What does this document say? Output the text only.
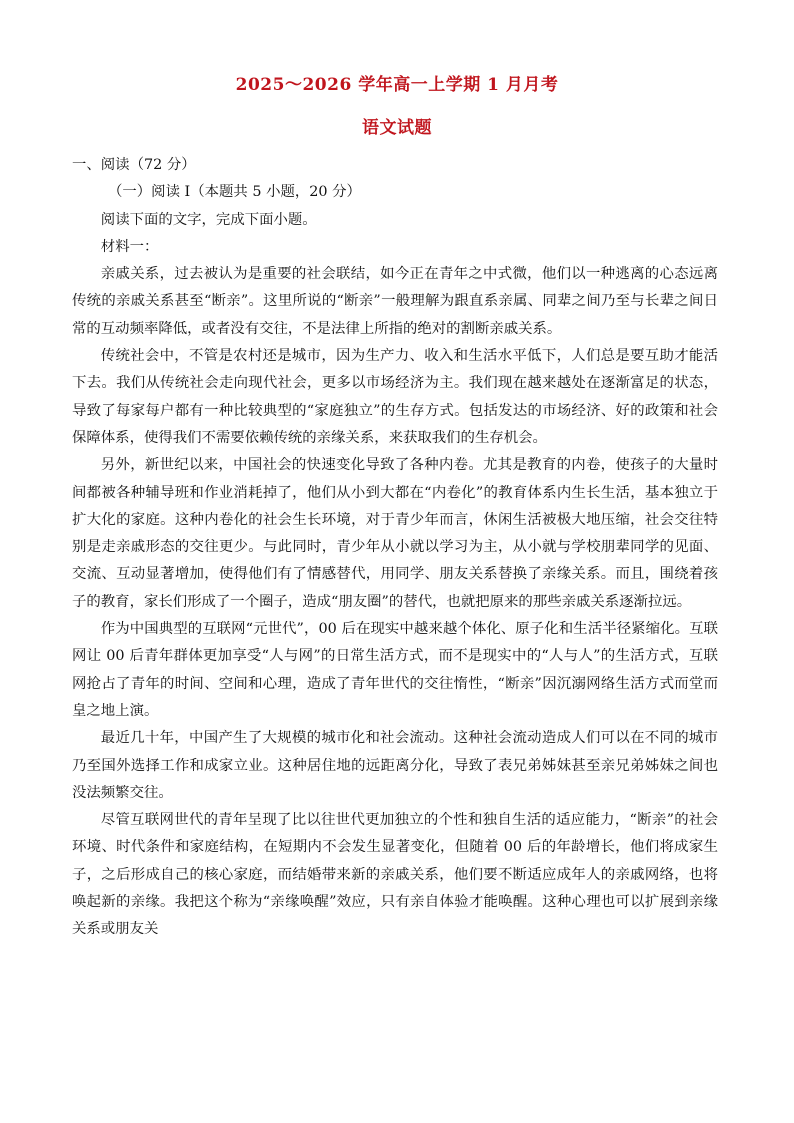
2025～2026 学年高一上学期 1 月月考
语文试题

一、阅读（72 分）

（一）阅读 I（本题共 5 小题，20 分）

阅读下面的文字，完成下面小题。

材料一：

亲戚关系，过去被认为是重要的社会联结，如今正在青年之中式微，他们以一种逃离的心态远离传统的亲戚关系甚至“断亲”。这里所说的“断亲”一般理解为跟直系亲属、同辈之间乃至与长辈之间日常的互动频率降低，或者没有交往，不是法律上所指的绝对的割断亲戚关系。

传统社会中，不管是农村还是城市，因为生产力、收入和生活水平低下，人们总是要互助才能活下去。我们从传统社会走向现代社会，更多以市场经济为主。我们现在越来越处在逐渐富足的状态，导致了每家每户都有一种比较典型的“家庭独立”的生存方式。包括发达的市场经济、好的政策和社会保障体系，使得我们不需要依赖传统的亲缘关系，来获取我们的生存机会。

另外，新世纪以来，中国社会的快速变化导致了各种内卷。尤其是教育的内卷，使孩子的大量时间都被各种辅导班和作业消耗掉了，他们从小到大都在“内卷化”的教育体系内生长生活，基本独立于扩大化的家庭。这种内卷化的社会生长环境，对于青少年而言，休闲生活被极大地压缩，社会交往特别是走亲戚形态的交往更少。与此同时，青少年从小就以学习为主，从小就与学校朋辈同学的见面、交流、互动显著增加，使得他们有了情感替代，用同学、朋友关系替换了亲缘关系。而且，围绕着孩子的教育，家长们形成了一个圈子，造成“朋友圈”的替代，也就把原来的那些亲戚关系逐渐拉远。

作为中国典型的互联网“元世代”，00 后在现实中越来越个体化、原子化和生活半径紧缩化。互联网让 00 后青年群体更加享受“人与网”的日常生活方式，而不是现实中的“人与人”的生活方式，互联网抢占了青年的时间、空间和心理，造成了青年世代的交往惰性，“断亲”因沉溺网络生活方式而堂而皇之地上演。

最近几十年，中国产生了大规模的城市化和社会流动。这种社会流动造成人们可以在不同的城市乃至国外选择工作和成家立业。这种居住地的远距离分化，导致了表兄弟姊妹甚至亲兄弟姊妹之间也没法频繁交往。

尽管互联网世代的青年呈现了比以往世代更加独立的个性和独自生活的适应能力，“断亲”的社会环境、时代条件和家庭结构，在短期内不会发生显著变化，但随着 00 后的年龄增长，他们将成家生子，之后形成自己的核心家庭，而结婚带来新的亲戚关系，他们要不断适应成年人的亲戚网络，也将唤起新的亲缘。我把这个称为“亲缘唤醒”效应，只有亲自体验才能唤醒。这种心理也可以扩展到亲缘关系或朋友关
